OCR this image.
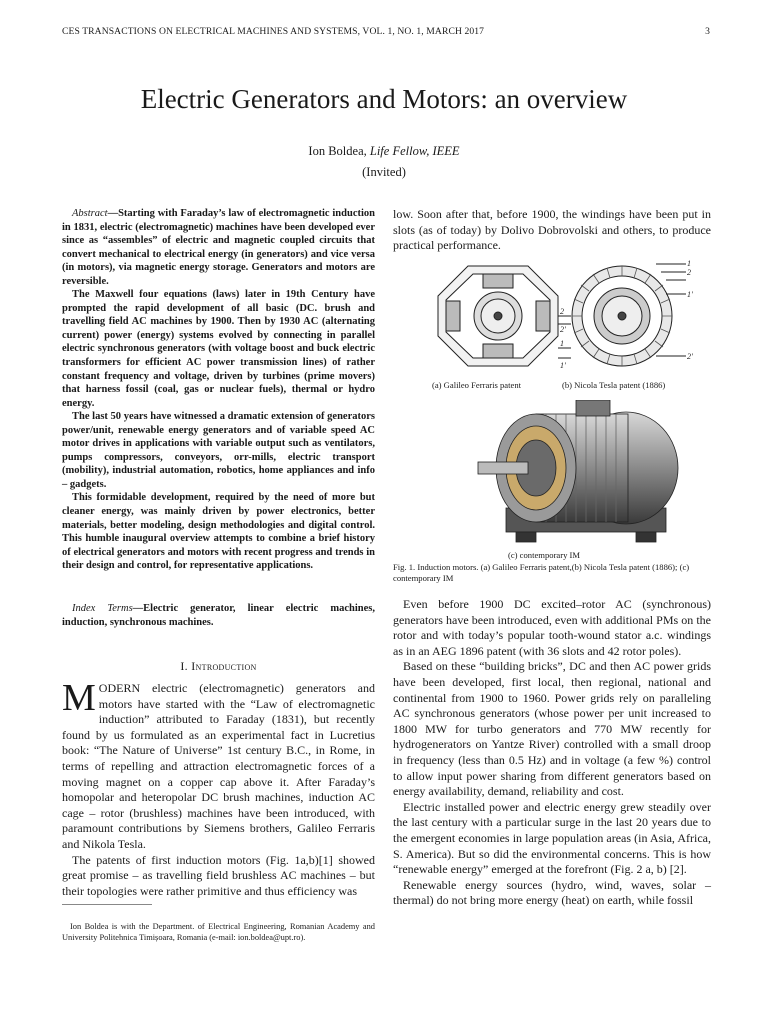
CES TRANSACTIONS ON ELECTRICAL MACHINES AND SYSTEMS, VOL. 1, NO. 1, MARCH 2017	3
Electric Generators and Motors: an overview
Ion Boldea, Life Fellow, IEEE
(Invited)

Abstract—Starting with Faraday’s law of electromagnetic induction in 1831, electric (electromagnetic) machines have been developed ever since as “assembles” of electric and magnetic coupled circuits that convert mechanical to electrical energy (in generators) and vice versa (in motors), via magnetic energy storage. Generators and motors are reversible.

The Maxwell four equations (laws) later in 19th Century have prompted the rapid development of all basic (DC. brush and travelling field AC machines by 1900. Then by 1930 AC (alternating current) power (energy) systems evolved by connecting in parallel electric synchronous generators (with voltage boost and buck electric transformers for efficient AC power transmission lines) of rather constant frequency and voltage, driven by turbines (prime movers) that harness fossil (coal, gas or nuclear fuels), thermal or hydro energy.

The last 50 years have witnessed a dramatic extension of generators power/unit, renewable energy generators and of variable speed AC motor drives in applications with variable output such as ventilators, pumps compressors, conveyors, orr-mills, electric transport (mobility), industrial automation, robotics, home appliances and info – gadgets.

This formidable development, required by the need of more but cleaner energy, was mainly driven by power electronics, better materials, better modeling, design methodologies and digital control. This humble inaugural overview attempts to combine a brief history of electrical generators and motors with recent progress and trends in their design and control, for representative applications.

Index Terms—Electric generator, linear electric machines, induction, synchronous machines.

I. Introduction

MODERN electric (electromagnetic) generators and motors have started with the “Law of electromagnetic induction” attributed to Faraday (1831), but recently found by us formulated as an experimental fact in Lucretius book: “The Nature of Universe” 1st century B.C., in Rome, in terms of repelling and attraction electromagnetic forces of a moving magnet on a copper cap above it. After Faraday’s homopolar and heteropolar DC brush machines, induction AC cage – rotor (brushless) machines have been introduced, with paramount contributions by Siemens brothers, Galileo Ferraris and Nikola Tesla.

The patents of first induction motors (Fig. 1a,b)[1] showed great promise – as travelling field brushless AC machines – but their topologies were rather primitive and thus efficiency was

Ion Boldea is with the Department. of Electrical Engineering, Romanian Academy and University Politehnica Timișoara, Romania (e-mail: ion.boldea@upt.ro).

low. Soon after that, before 1900, the windings have been put in slots (as of today) by Dolivo Dobrovolski and others, to produce practical performance.

2
2'
1
1'
1
2
1'
2'
(a) Galileo Ferraris patent	(b) Nicola Tesla patent (1886)
(c) contemporary IM
Fig. 1. Induction motors. (a) Galileo Ferraris patent,(b) Nicola Tesla patent (1886); (c) contemporary IM

Even before 1900 DC excited–rotor AC (synchronous) generators have been introduced, even with additional PMs on the rotor and with today’s popular tooth-wound stator a.c. windings as in an AEG 1896 patent (with 36 slots and 42 rotor poles).

Based on these “building bricks”, DC and then AC power grids have been developed, first local, then regional, national and continental from 1900 to 1960. Power grids rely on paralleling AC synchronous generators (whose power per unit increased to 1800 MW for turbo generators and 770 MW recently for hydrogenerators on Yantze River) controlled with a small droop in frequency (less than 0.5 Hz) and in voltage (a few %) control to allow input power sharing from different generators based on energy availability, demand, reliability and cost.

Electric installed power and electric energy grew steadily over the last century with a particular surge in the last 20 years due to the emergent economies in large population areas (in Asia, Africa, S. America). But so did the environmental concerns. This is how “renewable energy” emerged at the forefront (Fig. 2 a, b) [2].

Renewable energy sources (hydro, wind, waves, solar – thermal) do not bring more energy (heat) on earth, while fossil
